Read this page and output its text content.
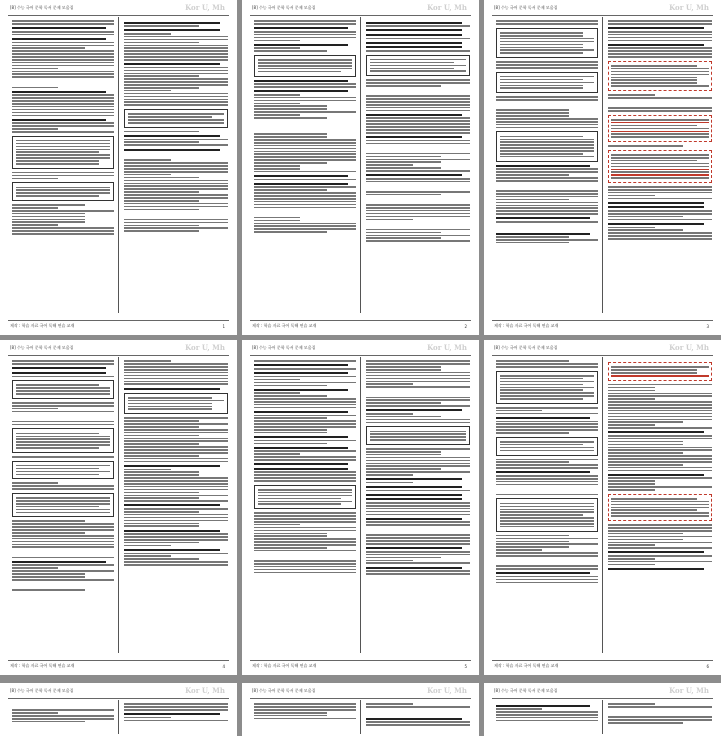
[8] 수능 국어 문학 독서 문제 모음집	Kor U, Mh
제작 : 학습 자료 국어 독해 연습 교재	1
[8] 수능 국어 문학 독서 문제 모음집	Kor U, Mh
제작 : 학습 자료 국어 독해 연습 교재	2
[8] 수능 국어 문학 독서 문제 모음집	Kor U, Mh
제작 : 학습 자료 국어 독해 연습 교재	3
[8] 수능 국어 문학 독서 문제 모음집	Kor U, Mh
제작 : 학습 자료 국어 독해 연습 교재	4
[8] 수능 국어 문학 독서 문제 모음집	Kor U, Mh
제작 : 학습 자료 국어 독해 연습 교재	5
[8] 수능 국어 문학 독서 문제 모음집	Kor U, Mh
제작 : 학습 자료 국어 독해 연습 교재	6
[8] 수능 국어 문학 독서 문제 모음집	Kor U, Mh	[8] 수능 국어 문학 독서 문제 모음집	Kor U, Mh	[8] 수능 국어 문학 독서 문제 모음집	Kor U, Mh
